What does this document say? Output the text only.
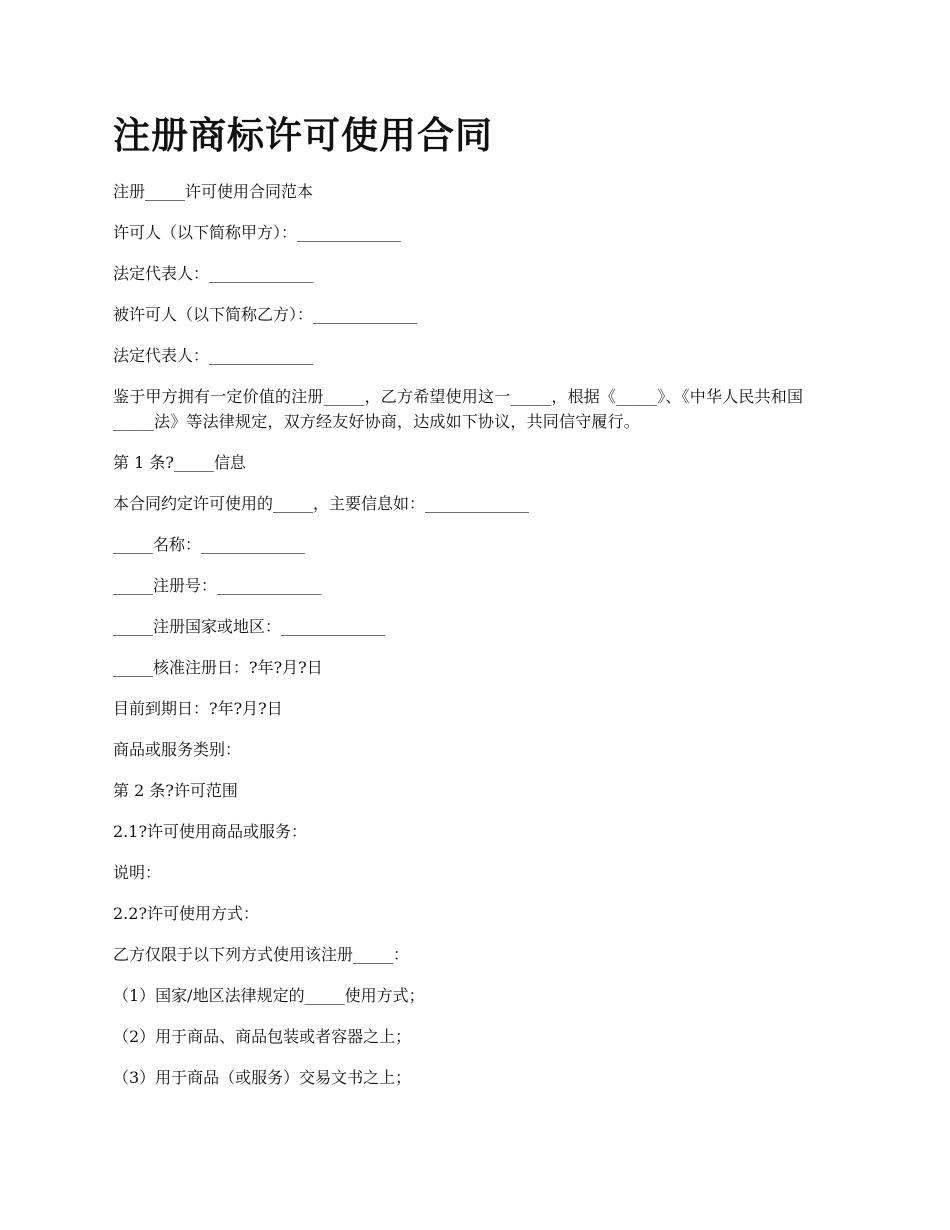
注册商标许可使用合同

注册_____许可使用合同范本

许可人（以下简称甲方）：_____________

法定代表人：_____________

被许可人（以下简称乙方）：_____________

法定代表人：_____________

鉴于甲方拥有一定价值的注册_____，乙方希望使用这一_____，根据《_____》、《中华人民共和国_____法》等法律规定，双方经友好协商，达成如下协议，共同信守履行。

第 1 条?_____信息

本合同约定许可使用的_____，主要信息如：_____________

_____名称：_____________

_____注册号：_____________

_____注册国家或地区：_____________

_____核准注册日：?年?月?日

目前到期日：?年?月?日

商品或服务类别：

第 2 条?许可范围

2.1?许可使用商品或服务：

说明：

2.2?许可使用方式：

乙方仅限于以下列方式使用该注册_____：

（1）国家/地区法律规定的_____使用方式；

（2）用于商品、商品包装或者容器之上；

（3）用于商品（或服务）交易文书之上；
